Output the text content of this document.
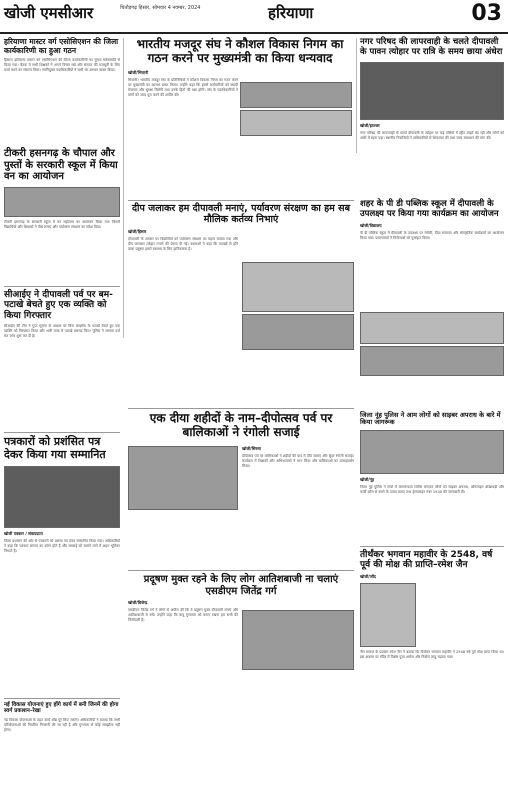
खोजी एमसीआर	चितौड़गढ़ हिसार, सोमवार 4 नवम्बर, 2024	हरियाणा	03
हरियाणा मास्टर वर्ग एसोसिएशन की जिला कार्यकारिणी का हुआ गठन
हिसार। हरियाणा मास्टर वर्ग एसोसिएशन की जिला कार्यकारिणी का चुनाव सर्वसम्मति से किया गया। बैठक में सभी शिक्षकों ने अपने विचार रखे और संगठन की मजबूती के लिए कार्य करने का संकल्प लिया। नवनियुक्त पदाधिकारियों ने सभी का आभार व्यक्त किया।
टीकरी हसनगढ़ के चौपाल और पुस्तों के सरकारी स्कूल में किया वन का आयोजन
टीकरी हसनगढ़ के सरकारी स्कूल में वन महोत्सव का आयोजन किया गया जिसमें विद्यार्थियों और शिक्षकों ने पौधे लगाए और पर्यावरण संरक्षण का संदेश दिया।
सीआईए ने दीपावली पर्व पर बम-पटाखे बेचते हुए एक व्यक्ति को किया गिरफ्तार
सीआईए की टीम ने गुप्त सूचना के आधार पर बिना लाइसेंस के पटाखे बेचते हुए एक व्यक्ति को गिरफ्तार किया और भारी मात्रा में पटाखे बरामद किए। पुलिस ने मामला दर्ज कर जांच शुरू कर दी है।
पत्रकारों को प्रशंसित पत्र देकर किया गया सम्मानित
खोजी पत्रकार / संवाददाता
जिला प्रशासन की ओर से पत्रकारों को प्रशंसा पत्र देकर सम्मानित किया गया। अधिकारियों ने कहा कि पत्रकार समाज का दर्पण होते हैं और सच्चाई को सामने लाने में अहम भूमिका निभाते हैं।
नई विकास योजनाएं हुए होंगे कार्य में बनी जिनमें की होगा स्वर्ग प्रकाशन–रेखा
नई विकास योजनाओं के तहत कार्य शीघ्र पूरे किए जाएंगे। अधिकारियों ने बताया कि सभी परियोजनाओं की नियमित निगरानी की जा रही है और गुणवत्ता से कोई समझौता नहीं होगा।
भारतीय मजदूर संघ ने कौशल विकास निगम का गठन करने पर मुख्यमंत्री का किया धन्यवाद
खोजी/भिवानी
भिवानी। भारतीय मजदूर संघ के प्रतिनिधियों ने कौशल विकास निगम का गठन करने पर मुख्यमंत्री का आभार प्रकट किया। उन्होंने कहा कि इससे कर्मचारियों को स्थायी रोजगार और सुरक्षा मिलेगी तथा उनके हितों की रक्षा होगी। संघ के पदाधिकारियों ने मांगों को जल्द पूरा करने की अपील की।
नगर परिषद की लापरवाही के चलते दीपावली के पावन त्योहार पर रात्रि के समय छाया अंधेरा
खोजी/झज्जर
नगर परिषद की लापरवाही के चलते दीपावली के त्योहार पर कई गलियों में स्ट्रीट लाइटें बंद रहीं और लोगों को अंधेरे में रहना पड़ा। स्थानीय निवासियों ने अधिकारियों से शिकायत की तथा जल्द समाधान की मांग की।
दीप जलाकर हम दीपावली मनाएं, पर्यावरण संरक्षण का हम सब मौलिक कर्तव्य निभाएं
खोजी/हिसार
दीपावली के अवसर पर विद्यार्थियों को पर्यावरण संरक्षण का महत्व बताया गया और दीप जलाकर त्योहार मनाने की प्रेरणा दी गई। वक्ताओं ने कहा कि पटाखों से होने वाला प्रदूषण हमारे स्वास्थ्य के लिए हानिकारक है।
शहर के पी डी पब्लिक स्कूल में दीपावली के उपलक्ष्य पर किया गया कार्यक्रम का आयोजन
खोजी/विद्यालय
पी डी पब्लिक स्कूल में दीपावली के उपलक्ष्य पर रंगोली, दीया सजावट और सांस्कृतिक कार्यक्रमों का आयोजन किया गया। प्रधानाचार्य ने विजेताओं को पुरस्कृत किया।
एक दीया शहीदों के नाम–दीपोत्सव पर्व पर बालिकाओं ने रंगोली सजाई
खोजी/सिरसा
दीपोत्सव पर्व पर बालिकाओं ने शहीदों की याद में दीये जलाए और सुंदर रंगोली सजाई। कार्यक्रम में शिक्षकों और अभिभावकों ने भाग लिया और बालिकाओं का उत्साहवर्धन किया।
जिला नूंह पुलिस ने आम लोगों को साइबर अपराध के बारे में किया जागरूक
खोजी/नूंह
जिला नूंह पुलिस ने गांवों में जागरूकता शिविर लगाकर लोगों को साइबर अपराध, ऑनलाइन धोखाधड़ी और फर्जी कॉल से बचने के उपाय बताए तथा हेल्पलाइन नंबर 1930 की जानकारी दी।
प्रदूषण मुक्त रहने के लिए लोग आतिशबाजी ना चलाएं एसडीएम जितेंद्र गर्ग
खोजी/बिजेन्द्र
एसडीएम जितेंद्र गर्ग ने लोगों से अपील की कि वे प्रदूषण मुक्त दीपावली मनाएं और आतिशबाजी से बचें। उन्होंने कहा कि वायु गुणवत्ता को बनाए रखना हम सभी की जिम्मेदारी है।
तीर्थंकर भगवान महावीर के 2548, वर्ष पूर्व की मोक्ष की प्राप्ति–रमेश जैन
खोजी/जींद
जैन समाज के प्रवक्ता रमेश जैन ने बताया कि तीर्थंकर भगवान महावीर ने 2548 वर्ष पूर्व मोक्ष प्राप्त किया था। इस अवसर पर मंदिर में विशेष पूजा अर्चना और निर्वाण लाडू चढ़ाया गया।
